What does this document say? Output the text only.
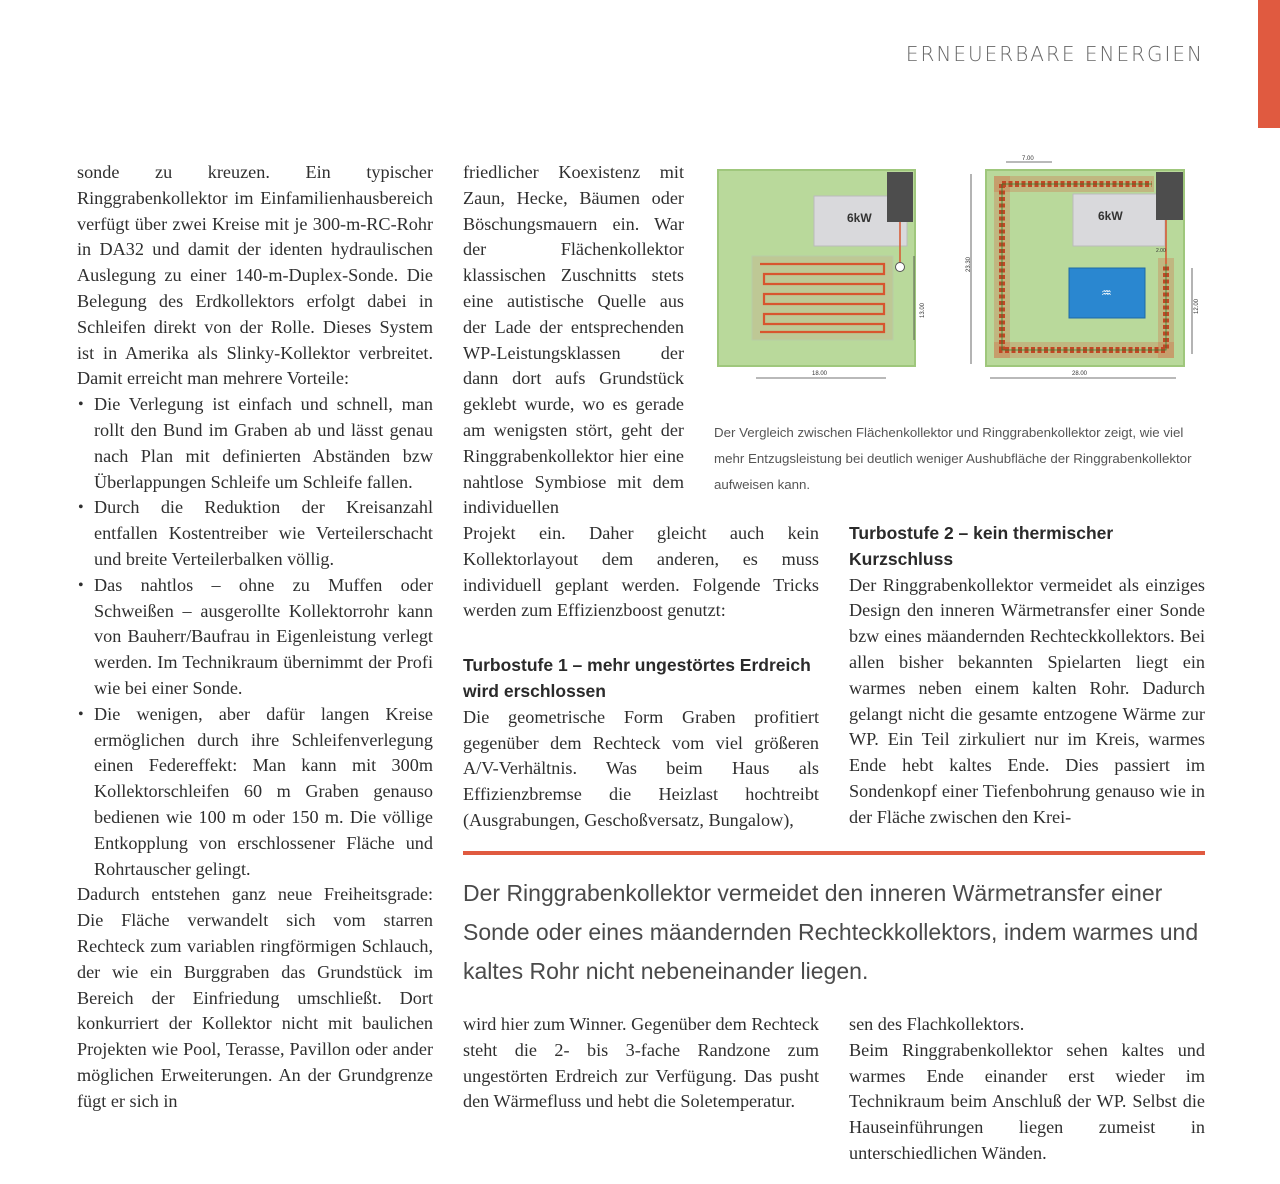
ERNEUERBARE ENERGIEN

sonde zu kreuzen. Ein typischer Ringgrabenkollektor im Einfamilienhausbereich verfügt über zwei Kreise mit je 300-m-RC-Rohr in DA32 und damit der identen hydraulischen Auslegung zu einer 140-m-Duplex-Sonde. Die Belegung des Erdkollektors erfolgt dabei in Schleifen direkt von der Rolle. Dieses System ist in Amerika als Slinky-Kollektor verbreitet. Damit erreicht man mehrere Vorteile:

• Die Verlegung ist einfach und schnell, man rollt den Bund im Graben ab und lässt genau nach Plan mit definierten Abständen bzw Überlappungen Schleife um Schleife fallen.
• Durch die Reduktion der Kreisanzahl entfallen Kostentreiber wie Verteilerschacht und breite Verteilerbalken völlig.
• Das nahtlos – ohne zu Muffen oder Schweißen – ausgerollte Kollektorrohr kann von Bauherr/Baufrau in Eigenleistung verlegt werden. Im Technikraum übernimmt der Profi wie bei einer Sonde.
• Die wenigen, aber dafür langen Kreise ermöglichen durch ihre Schleifenverlegung einen Federeffekt: Man kann mit 300m Kollektorschleifen 60 m Graben genauso bedienen wie 100 m oder 150 m. Die völlige Entkopplung von erschlossener Fläche und Rohrtauscher gelingt.

Dadurch entstehen ganz neue Freiheitsgrade: Die Fläche verwandelt sich vom starren Rechteck zum variablen ringförmigen Schlauch, der wie ein Burggraben das Grundstück im Bereich der Einfriedung umschließt. Dort konkurriert der Kollektor nicht mit baulichen Projekten wie Pool, Terasse, Pavillon oder ander möglichen Erweiterungen. An der Grundgrenze fügt er sich in

friedlicher Koexistenz mit Zaun, Hecke, Bäumen oder Böschungsmauern ein. War der Flächenkollektor klassischen Zuschnitts stets eine autistische Quelle aus der Lade der entsprechenden WP-Leistungsklassen der dann dort aufs Grundstück geklebt wurde, wo es gerade am wenigsten stört, geht der Ringgrabenkollektor hier eine nahtlose Symbiose mit dem individuellen

6kW
13.00
18.00
6kW
♒
23.30
7.00
2.00
12.00
28.00
Der Vergleich zwischen Flächenkollektor und Ringgrabenkollektor zeigt, wie viel mehr Entzugsleistung bei deutlich weniger Aushubfläche der Ringgrabenkollektor aufweisen kann.

Projekt ein. Daher gleicht auch kein Kollektorlayout dem anderen, es muss individuell geplant werden. Folgende Tricks werden zum Effizienzboost genutzt:

Turbostufe 1 – mehr ungestörtes Erdreich wird erschlossen

Die geometrische Form Graben profitiert gegenüber dem Rechteck vom viel größeren A/V-Verhältnis. Was beim Haus als Effizienzbremse die Heizlast hochtreibt (Ausgrabungen, Geschoßversatz, Bungalow),

Turbostufe 2 – kein thermischer Kurzschluss

Der Ringgrabenkollektor vermeidet als einziges Design den inneren Wärmetransfer einer Sonde bzw eines mäandernden Rechteckkollektors. Bei allen bisher bekannten Spielarten liegt ein warmes neben einem kalten Rohr. Dadurch gelangt nicht die gesamte entzogene Wärme zur WP. Ein Teil zirkuliert nur im Kreis, warmes Ende hebt kaltes Ende. Dies passiert im Sondenkopf einer Tiefenbohrung genauso wie in der Fläche zwischen den Krei-

Der Ringgrabenkollektor vermeidet den inneren Wärmetransfer einer Sonde oder eines mäandernden Rechteckkollektors, indem warmes und kaltes Rohr nicht nebeneinander liegen.

wird hier zum Winner. Gegenüber dem Rechteck steht die 2- bis 3-fache Randzone zum ungestörten Erdreich zur Verfügung. Das pusht den Wärmefluss und hebt die Soletemperatur.

sen des Flachkollektors.

Beim Ringgrabenkollektor sehen kaltes und warmes Ende einander erst wieder im Technikraum beim Anschluß der WP. Selbst die Hauseinführungen liegen zumeist in unterschiedlichen Wänden.
